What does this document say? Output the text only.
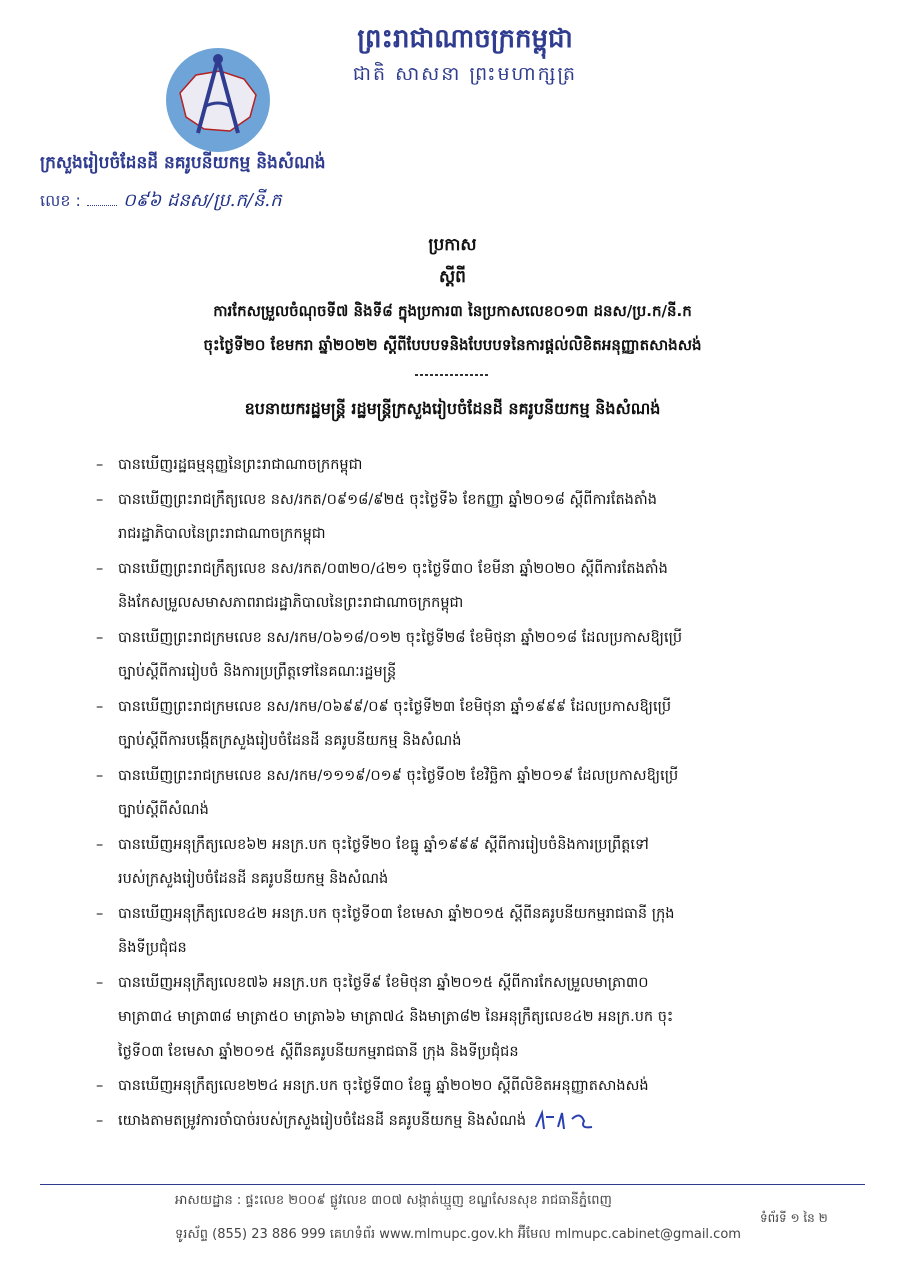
ព្រះរាជាណាចក្រកម្ពុជា
ជាតិ សាសនា ព្រះមហាក្សត្រ
ក្រសួងរៀបចំដែនដី នគរូបនីយកម្ម និងសំណង់
លេខ : ០៩៦ ដនស/ប្រ.ក/នី.ក
ប្រកាស
ស្តីពី
ការកែសម្រួលចំណុចទី៧ និងទី៨ ក្នុងប្រការ៣ នៃប្រកាសលេខ០១៣ ដនស/ប្រ.ក/នី.ក
ចុះថ្ងៃទី២០ ខែមករា ឆ្នាំ២០២២ ស្តីពីបែបបទនិងបែបបទនៃការផ្តល់លិខិតអនុញ្ញាតសាងសង់
ឧបនាយករដ្ឋមន្ត្រី រដ្ឋមន្ត្រីក្រសួងរៀបចំដែនដី នគរូបនីយកម្ម និងសំណង់
– បានឃើញរដ្ឋធម្មនុញ្ញនៃព្រះរាជាណាចក្រកម្ពុជា
– បានឃើញព្រះរាជក្រឹត្យលេខ នស/រកត/០៩១៨/៩២៥ ចុះថ្ងៃទី៦ ខែកញ្ញា ឆ្នាំ២០១៨ ស្តីពីការតែងតាំង
រាជរដ្ឋាភិបាលនៃព្រះរាជាណាចក្រកម្ពុជា
– បានឃើញព្រះរាជក្រឹត្យលេខ នស/រកត/០៣២០/៤២១ ចុះថ្ងៃទី៣០ ខែមីនា ឆ្នាំ២០២០ ស្តីពីការតែងតាំង
និងកែសម្រួលសមាសភាពរាជរដ្ឋាភិបាលនៃព្រះរាជាណាចក្រកម្ពុជា
– បានឃើញព្រះរាជក្រមលេខ នស/រកម/០៦១៨/០១២ ចុះថ្ងៃទី២៨ ខែមិថុនា ឆ្នាំ២០១៨ ដែលប្រកាសឱ្យប្រើ
ច្បាប់ស្តីពីការរៀបចំ និងការប្រព្រឹត្តទៅនៃគណៈរដ្ឋមន្ត្រី
– បានឃើញព្រះរាជក្រមលេខ នស/រកម/០៦៩៩/០៩ ចុះថ្ងៃទី២៣ ខែមិថុនា ឆ្នាំ១៩៩៩ ដែលប្រកាសឱ្យប្រើ
ច្បាប់ស្តីពីការបង្កើតក្រសួងរៀបចំដែនដី នគរូបនីយកម្ម និងសំណង់
– បានឃើញព្រះរាជក្រមលេខ នស/រកម/១១១៩/០១៩ ចុះថ្ងៃទី០២ ខែវិច្ឆិកា ឆ្នាំ២០១៩ ដែលប្រកាសឱ្យប្រើ
ច្បាប់ស្តីពីសំណង់
– បានឃើញអនុក្រឹត្យលេខ៦២ អនក្រ.បក ចុះថ្ងៃទី២០ ខែធ្នូ ឆ្នាំ១៩៩៩ ស្តីពីការរៀបចំនិងការប្រព្រឹត្តទៅ
របស់ក្រសួងរៀបចំដែនដី នគរូបនីយកម្ម និងសំណង់
– បានឃើញអនុក្រឹត្យលេខ៤២ អនក្រ.បក ចុះថ្ងៃទី០៣ ខែមេសា ឆ្នាំ២០១៥ ស្តីពីនគរូបនីយកម្មរាជធានី ក្រុង
និងទីប្រជុំជន
– បានឃើញអនុក្រឹត្យលេខ៧៦ អនក្រ.បក ចុះថ្ងៃទី៩ ខែមិថុនា ឆ្នាំ២០១៥ ស្តីពីការកែសម្រួលមាត្រា៣០
មាត្រា៣៤ មាត្រា៣៨ មាត្រា៥០ មាត្រា៦៦ មាត្រា៧៤ និងមាត្រា៨២ នៃអនុក្រឹត្យលេខ៤២ អនក្រ.បក ចុះ
ថ្ងៃទី០៣ ខែមេសា ឆ្នាំ២០១៥ ស្តីពីនគរូបនីយកម្មរាជធានី ក្រុង និងទីប្រជុំជន
– បានឃើញអនុក្រឹត្យលេខ២២៤ អនក្រ.បក ចុះថ្ងៃទី៣០ ខែធ្នូ ឆ្នាំ២០២០ ស្តីពីលិខិតអនុញ្ញាតសាងសង់
– យោងតាមតម្រូវការចាំបាច់របស់ក្រសួងរៀបចំដែនដី នគរូបនីយកម្ម និងសំណង់
អាសយដ្ឋាន : ផ្ទះលេខ ២០០៩ ផ្លូវលេខ ៣០៧ សង្កាត់ឃ្មួញ ខណ្ឌសែនសុខ រាជធានីភ្នំពេញ
ទូរស័ព្ទ (855) 23 886 999 គេហទំព័រ www.mlmupc.gov.kh អ៊ីមែល mlmupc.cabinet@gmail.com
ទំព័រទី ១ នៃ ២
